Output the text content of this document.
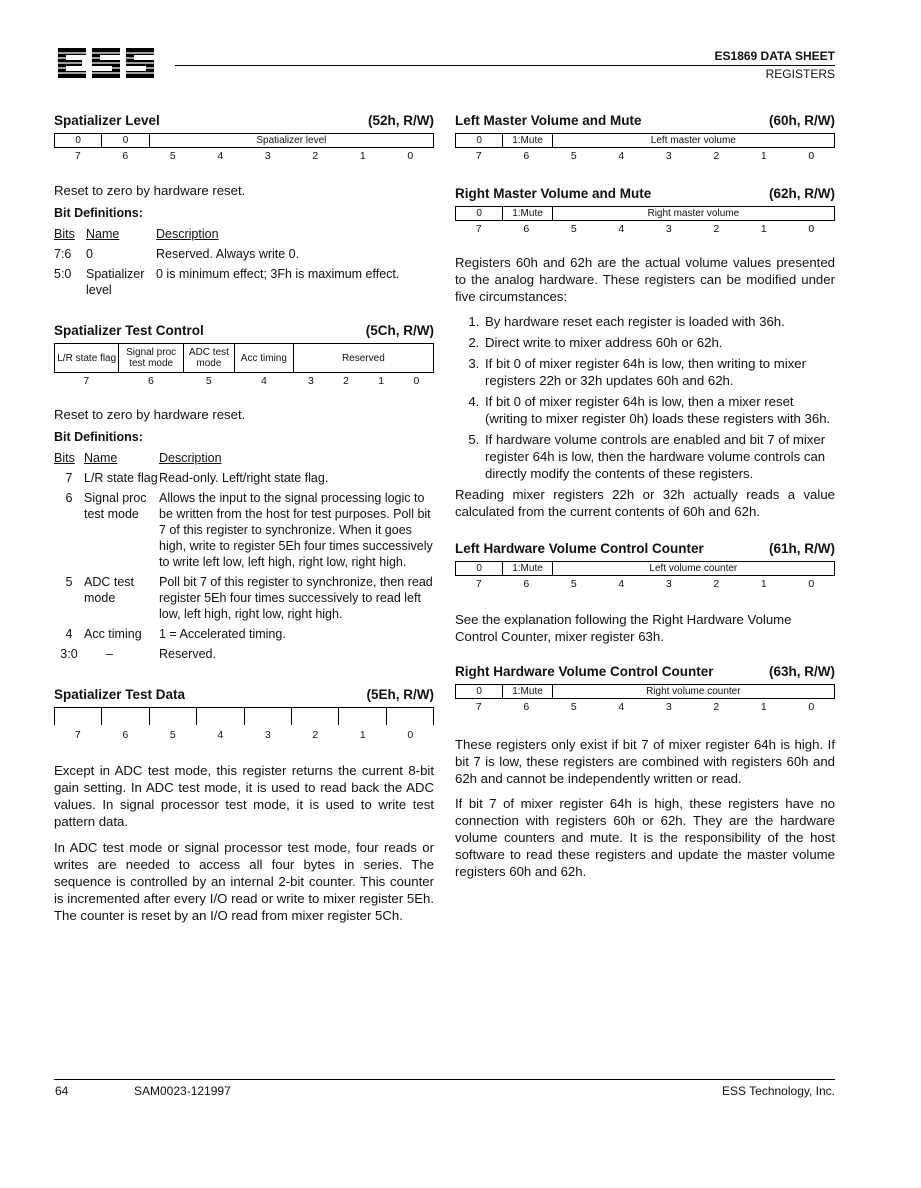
ES1869 DATA SHEET
REGISTERS
Spatializer Level	(52h, R/W)
0	0	Spatializer level
7	6	5	4	3	2	1	0

Reset to zero by hardware reset.

Bit Definitions:
Bits	Name	Description
7:6	0	Reserved. Always write 0.
5:0	Spatializer level	0 is minimum effect; 3Fh is maximum effect.
Spatializer Test Control	(5Ch, R/W)
L/R state flag	Signal proc test mode	ADC test mode	Acc timing	Reserved
7	6	5	4	3	2	1	0

Reset to zero by hardware reset.

Bit Definitions:
Bits	Name	Description
7	L/R state flag	Read-only. Left/right state flag.
6	Signal proc test mode	Allows the input to the signal processing logic to be written from the host for test purposes. Poll bit 7 of this register to synchronize. When it goes high, write to register 5Eh four times successively to write left low, left high, right low, right high.
5	ADC test mode	Poll bit 7 of this register to synchronize, then read register 5Eh four times successively to read left low, left high, right low, right high.
4	Acc timing	1 = Accelerated timing.
3:0	–	Reserved.
Spatializer Test Data	(5Eh, R/W)

7	6	5	4	3	2	1	0

Except in ADC test mode, this register returns the current 8-bit gain setting. In ADC test mode, it is used to read back the ADC values. In signal processor test mode, it is used to write test pattern data.

In ADC test mode or signal processor test mode, four reads or writes are needed to access all four bytes in series. The sequence is controlled by an internal 2-bit counter. This counter is incremented after every I/O read or write to mixer register 5Eh. The counter is reset by an I/O read from mixer register 5Ch.

Left Master Volume and Mute	(60h, R/W)
0	1:Mute	Left master volume
7	6	5	4	3	2	1	0
Right Master Volume and Mute	(62h, R/W)
0	1:Mute	Right master volume
7	6	5	4	3	2	1	0

Registers 60h and 62h are the actual volume values presented to the analog hardware. These registers can be modified under five circumstances:

1. By hardware reset each register is loaded with 36h.
2. Direct write to mixer address 60h or 62h.
3. If bit 0 of mixer register 64h is low, then writing to mixer registers 22h or 32h updates 60h and 62h.
4. If bit 0 of mixer register 64h is low, then a mixer reset (writing to mixer register 0h) loads these registers with 36h.
5. If hardware volume controls are enabled and bit 7 of mixer register 64h is low, then the hardware volume controls can directly modify the contents of these registers.

Reading mixer registers 22h or 32h actually reads a value calculated from the current contents of 60h and 62h.

Left Hardware Volume Control Counter	(61h, R/W)
0	1:Mute	Left volume counter
7	6	5	4	3	2	1	0

See the explanation following the Right Hardware Volume Control Counter, mixer register 63h.

Right Hardware Volume Control Counter	(63h, R/W)
0	1:Mute	Right volume counter
7	6	5	4	3	2	1	0

These registers only exist if bit 7 of mixer register 64h is high. If bit 7 is low, these registers are combined with registers 60h and 62h and cannot be independently written or read.

If bit 7 of mixer register 64h is high, these registers have no connection with registers 60h or 62h. They are the hardware volume counters and mute. It is the responsibility of the host software to read these registers and update the master volume registers 60h and 62h.

64	SAM0023-121997	ESS Technology, Inc.
